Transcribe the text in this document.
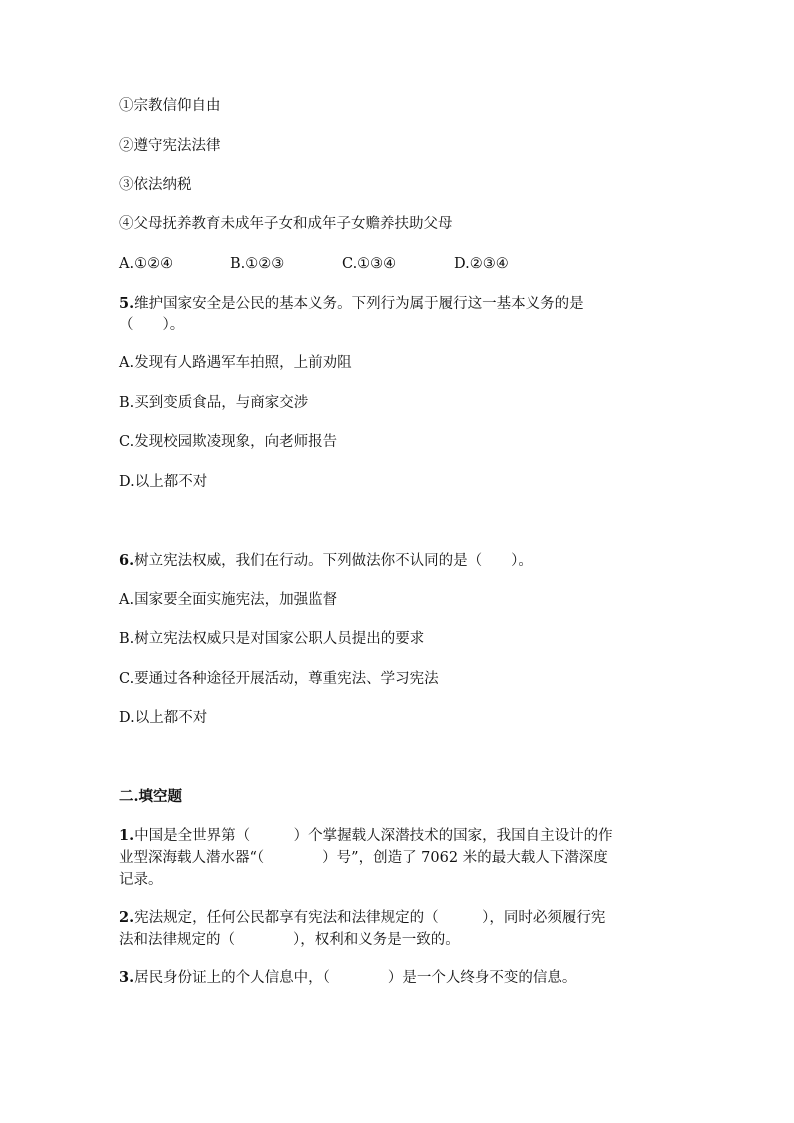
①宗教信仰自由
②遵守宪法法律
③依法纳税
④父母抚养教育未成年子女和成年子女赡养扶助父母
A.①②④	B.①②③	C.①③④	D.②③④
5.维护国家安全是公民的基本义务。下列行为属于履行这一基本义务的是
（　　）。
A.发现有人路遇军车拍照，上前劝阻
B.买到变质食品，与商家交涉
C.发现校园欺凌现象，向老师报告
D.以上都不对
6.树立宪法权威，我们在行动。下列做法你不认同的是（　　）。
A.国家要全面实施宪法，加强监督
B.树立宪法权威只是对国家公职人员提出的要求
C.要通过各种途径开展活动，尊重宪法、学习宪法
D.以上都不对
二.填空题
1.中国是全世界第（　　　）个掌握载人深潜技术的国家，我国自主设计的作
业型深海载人潜水器“（　　　　）号”，创造了 7062 米的最大载人下潜深度
记录。
2.宪法规定，任何公民都享有宪法和法律规定的（　　　），同时必须履行宪
法和法律规定的（　　　　），权利和义务是一致的。
3.居民身份证上的个人信息中，（　　　　）是一个人终身不变的信息。
